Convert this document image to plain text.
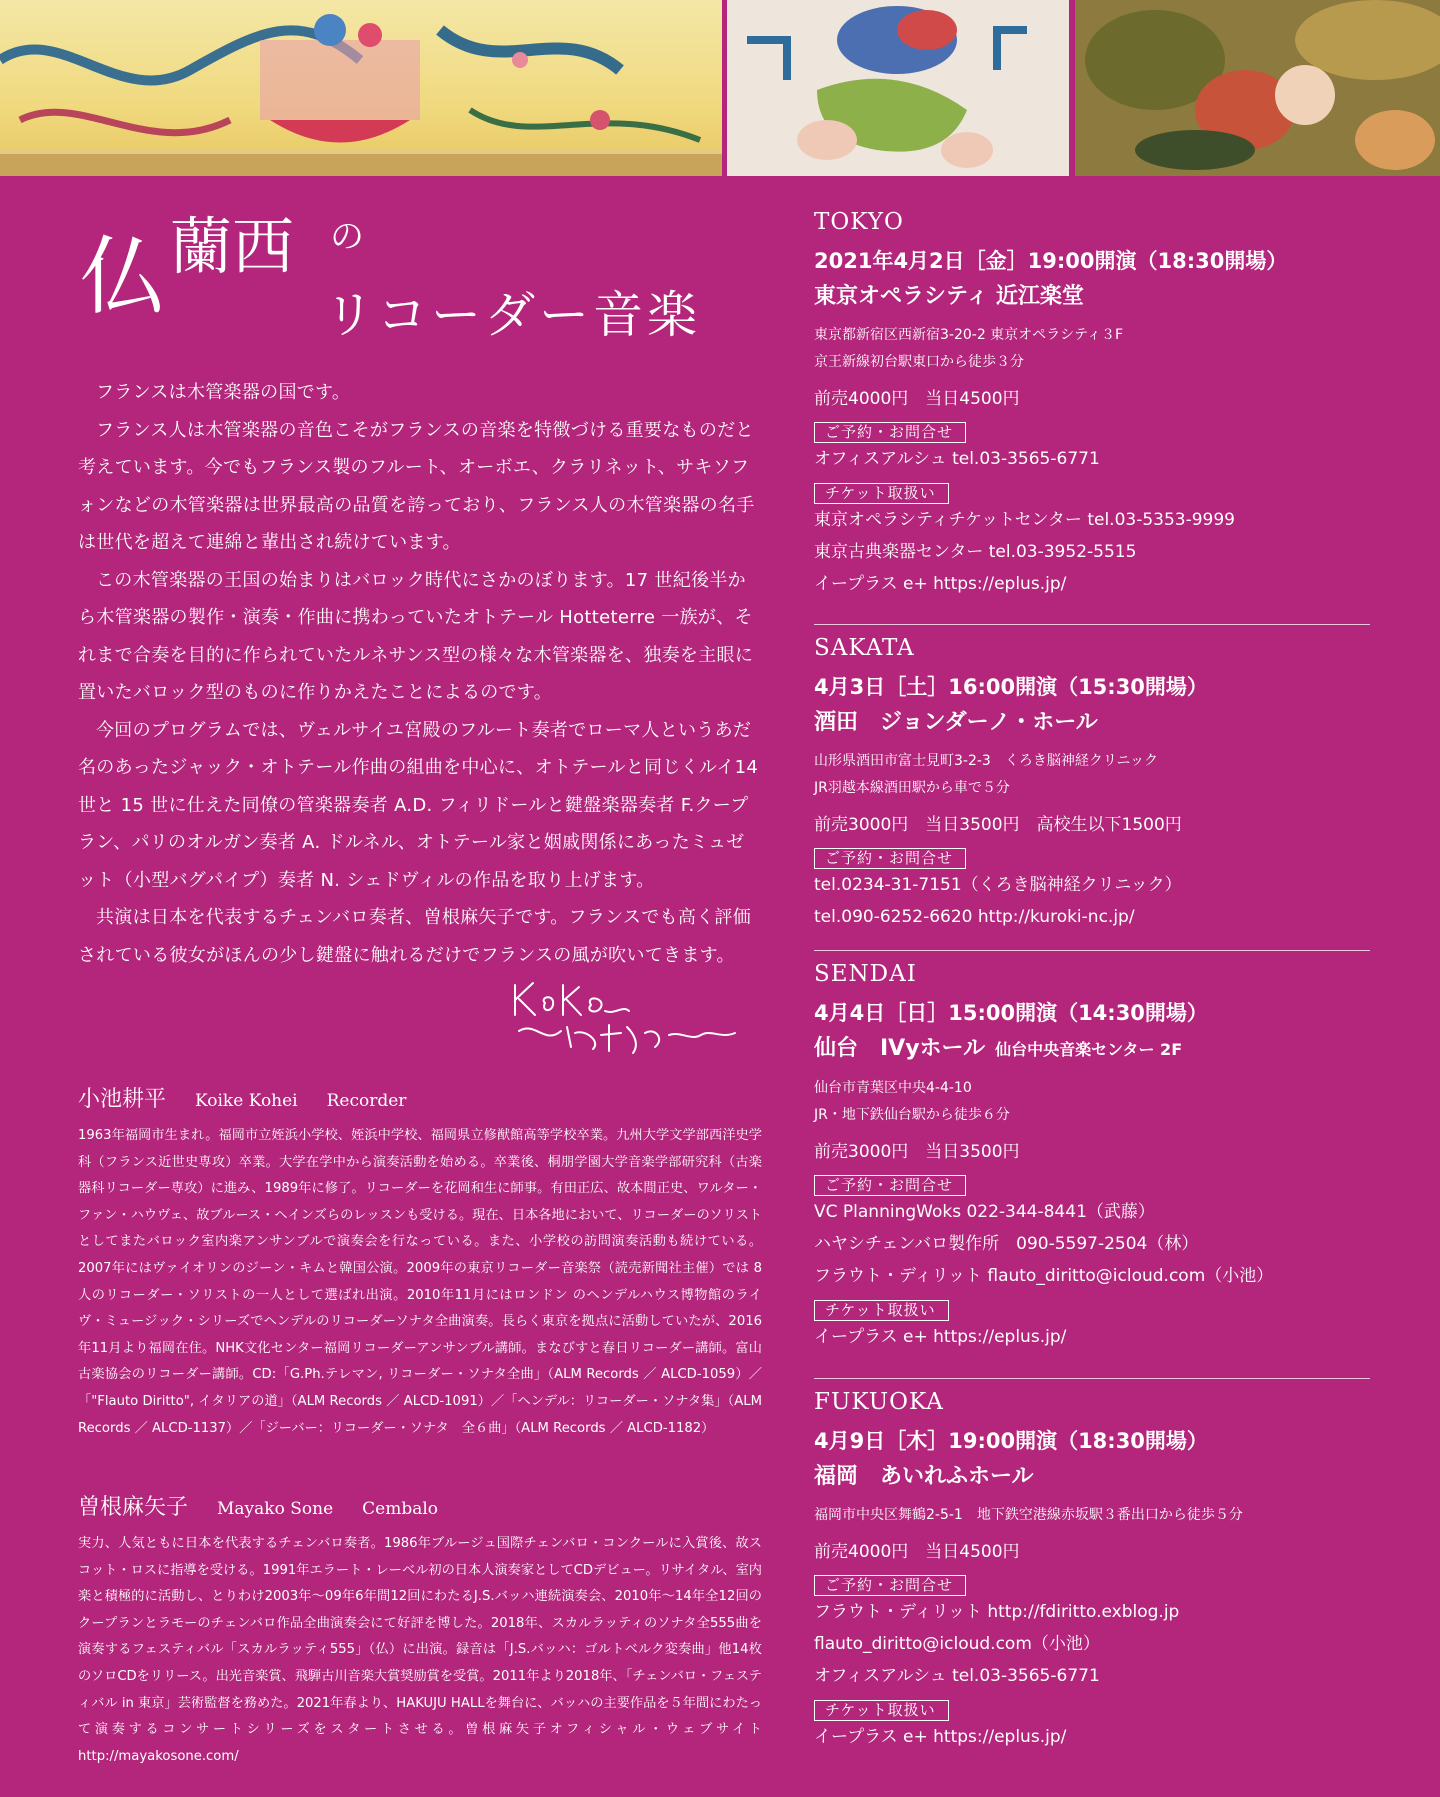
仏 蘭西 の
リコーダー音楽

フランスは木管楽器の国です。

フランス人は木管楽器の音色こそがフランスの音楽を特徴づける重要なものだと考えています。今でもフランス製のフルート、オーボエ、クラリネット、サキソフォンなどの木管楽器は世界最高の品質を誇っており、フランス人の木管楽器の名手は世代を超えて連綿と輩出され続けています。

この木管楽器の王国の始まりはバロック時代にさかのぼります。17 世紀後半から木管楽器の製作・演奏・作曲に携わっていたオトテール Hotteterre 一族が、それまで合奏を目的に作られていたルネサンス型の様々な木管楽器を、独奏を主眼に置いたバロック型のものに作りかえたことによるのです。

今回のプログラムでは、ヴェルサイユ宮殿のフルート奏者でローマ人というあだ名のあったジャック・オトテール作曲の組曲を中心に、オトテールと同じくルイ14 世と 15 世に仕えた同僚の管楽器奏者 A.D. フィリドールと鍵盤楽器奏者 F.クープラン、パリのオルガン奏者 A. ドルネル、オトテール家と姻戚関係にあったミュゼット（小型バグパイプ）奏者 N. シェドヴィルの作品を取り上げます。

共演は日本を代表するチェンバロ奏者、曽根麻矢子です。フランスでも高く評価されている彼女がほんの少し鍵盤に触れるだけでフランスの風が吹いてきます。

小池耕平 Koike Kohei Recorder
1963年福岡市生まれ。福岡市立姪浜小学校、姪浜中学校、福岡県立修猷館高等学校卒業。九州大学文学部西洋史学科（フランス近世史専攻）卒業。大学在学中から演奏活動を始める。卒業後、桐朋学園大学音楽学部研究科（古楽器科リコーダー専攻）に進み、1989年に修了。リコーダーを花岡和生に師事。有田正広、故本間正史、ワルター・ファン・ハウヴェ、故ブルース・ヘインズらのレッスンも受ける。現在、日本各地において、リコーダーのソリストとしてまたバロック室内楽アンサンブルで演奏会を行なっている。また、小学校の訪問演奏活動も続けている。2007年にはヴァイオリンのジーン・キムと韓国公演。2009年の東京リコーダー音楽祭（読売新聞社主催）では 8人のリコーダー・ソリストの一人として選ばれ出演。2010年11月にはロンドン のヘンデルハウス博物館のライヴ・ミュージック・シリーズでヘンデルのリコーダーソナタ全曲演奏。長らく東京を拠点に活動していたが、2016年11月より福岡在住。NHK文化センター福岡リコーダーアンサンブル講師。まなびすと春日リコーダー講師。富山古楽協会のリコーダー講師。CD:「G.Ph.テレマン, リコーダー・ソナタ全曲」（ALM Records ／ ALCD-1059）／「"Flauto Diritto", イタリアの道」（ALM Records ／ ALCD-1091）／「ヘンデル：リコーダー・ソナタ集」（ALM Records ／ ALCD-1137）／「ジーバー：リコーダー・ソナタ　全６曲」（ALM Records ／ ALCD-1182）
曽根麻矢子 Mayako Sone Cembalo
実力、人気ともに日本を代表するチェンバロ奏者。1986年ブルージュ国際チェンバロ・コンクールに入賞後、故スコット・ロスに指導を受ける。1991年エラート・レーベル初の日本人演奏家としてCDデビュー。リサイタル、室内楽と積極的に活動し、とりわけ2003年～09年6年間12回にわたるJ.S.バッハ連続演奏会、2010年～14年全12回のクープランとラモーのチェンバロ作品全曲演奏会にて好評を博した。2018年、スカルラッティのソナタ全555曲を演奏するフェスティバル「スカルラッティ555」（仏）に出演。録音は「J.S.バッハ：ゴルトベルク変奏曲」他14枚のソロCDをリリース。出光音楽賞、飛騨古川音楽大賞奨励賞を受賞。2011年より2018年、「チェンバロ・フェスティバル in 東京」芸術監督を務めた。2021年春より、HAKUJU HALLを舞台に、バッハの主要作品を５年間にわたって演奏するコンサートシリーズをスタートさせる。曽根麻矢子オフィシャル・ウェブサイト http://mayakosone.com/
TOKYO
2021年4月2日［金］19:00開演（18:30開場）
東京オペラシティ 近江楽堂
東京都新宿区西新宿3-20-2 東京オペラシティ３F
京王新線初台駅東口から徒歩３分
前売4000円　当日4500円
ご予約・お問合せ
オフィスアルシュ tel.03-3565-6771
チケット取扱い
東京オペラシティチケットセンター tel.03-5353-9999
東京古典楽器センター tel.03-3952-5515
イープラス e+ https://eplus.jp/
SAKATA
4月3日［土］16:00開演（15:30開場）
酒田　ジョンダーノ・ホール
山形県酒田市富士見町3-2-3　くろき脳神経クリニック
JR羽越本線酒田駅から車で５分
前売3000円　当日3500円　高校生以下1500円
ご予約・お問合せ
tel.0234-31-7151（くろき脳神経クリニック）
tel.090-6252-6620 http://kuroki-nc.jp/
SENDAI
4月4日［日］15:00開演（14:30開場）
仙台　IVyホール 仙台中央音楽センター 2F
仙台市青葉区中央4-4-10
JR・地下鉄仙台駅から徒歩６分
前売3000円　当日3500円
ご予約・お問合せ
VC PlanningWoks 022-344-8441（武藤）
ハヤシチェンバロ製作所　090-5597-2504（林）
フラウト・ディリット flauto_diritto@icloud.com（小池）
チケット取扱い
イープラス e+ https://eplus.jp/
FUKUOKA
4月9日［木］19:00開演（18:30開場）
福岡　あいれふホール
福岡市中央区舞鶴2-5-1　地下鉄空港線赤坂駅３番出口から徒歩５分
前売4000円　当日4500円
ご予約・お問合せ
フラウト・ディリット http://fdiritto.exblog.jp
flauto_diritto@icloud.com（小池）
オフィスアルシュ tel.03-3565-6771
チケット取扱い
イープラス e+ https://eplus.jp/
